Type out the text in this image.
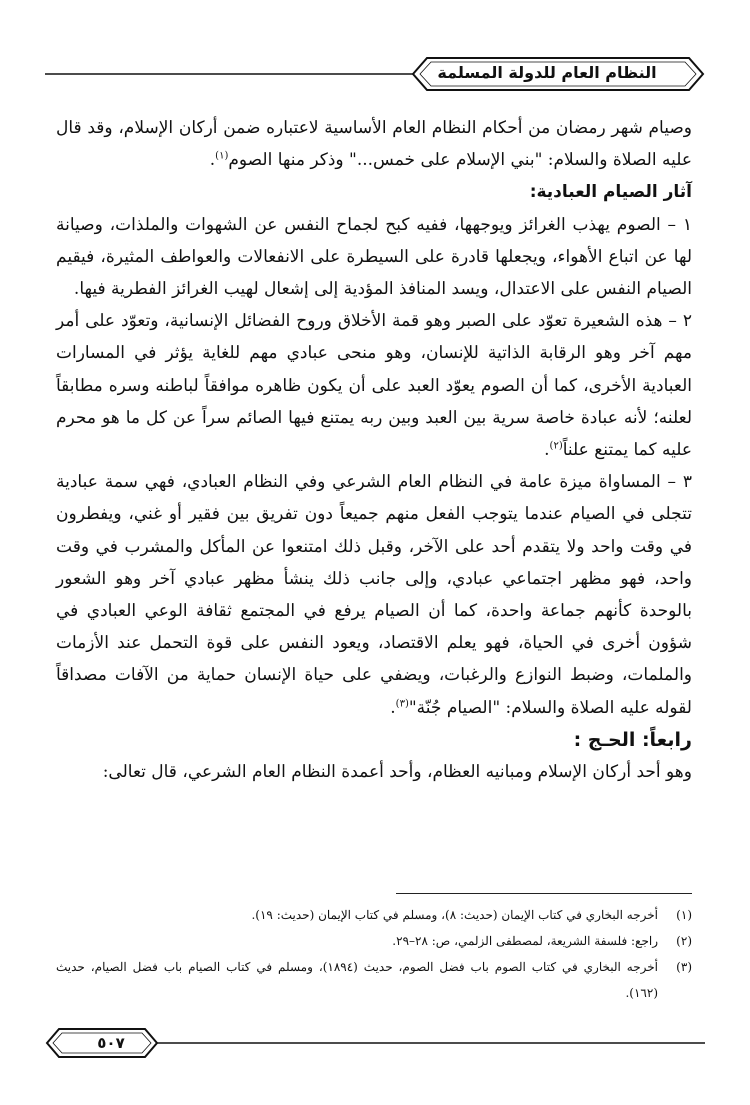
النظام العام للدولة المسلمة

وصيام شهر رمضان من أحكام النظام العام الأساسية لاعتباره ضمن أركان الإسلام، وقد قال عليه الصلاة والسلام: "بني الإسلام على خمس..." وذكر منها الصوم$^{(١)}$.

آثار الصيام العبادية:

١ – الصوم يهذب الغرائز ويوجهها، ففيه كبح لجماح النفس عن الشهوات والملذات، وصيانة لها عن اتباع الأهواء، ويجعلها قادرة على السيطرة على الانفعالات والعواطف المثيرة، فيقيم الصيام النفس على الاعتدال، ويسد المنافذ المؤدية إلى إشعال لهيب الغرائز الفطرية فيها.

٢ – هذه الشعيرة تعوّد على الصبر وهو قمة الأخلاق وروح الفضائل الإنسانية، وتعوّد على أمر مهم آخر وهو الرقابة الذاتية للإنسان، وهو منحى عبادي مهم للغاية يؤثر في المسارات العبادية الأخرى، كما أن الصوم يعوّد العبد على أن يكون ظاهره موافقاً لباطنه وسره مطابقاً لعلنه؛ لأنه عبادة خاصة سرية بين العبد وبين ربه يمتنع فيها الصائم سراً عن كل ما هو محرم عليه كما يمتنع علناً$^{(٢)}$.

٣ – المساواة ميزة عامة في النظام العام الشرعي وفي النظام العبادي، فهي سمة عبادية تتجلى في الصيام عندما يتوجب الفعل منهم جميعاً دون تفريق بين فقير أو غني، ويفطرون في وقت واحد ولا يتقدم أحد على الآخر، وقبل ذلك امتنعوا عن المأكل والمشرب في وقت واحد، فهو مظهر اجتماعي عبادي، وإلى جانب ذلك ينشأ مظهر عبادي آخر وهو الشعور بالوحدة كأنهم جماعة واحدة، كما أن الصيام يرفع في المجتمع ثقافة الوعي العبادي في شؤون أخرى في الحياة، فهو يعلم الاقتصاد، ويعود النفس على قوة التحمل عند الأزمات والملمات، وضبط النوازع والرغبات، ويضفي على حياة الإنسان حماية من الآفات مصداقاً لقوله عليه الصلاة والسلام: "الصيام جُنّة"$^{(٣)}$.

رابعاً: الحـج :

وهو أحد أركان الإسلام ومبانيه العظام، وأحد أعمدة النظام العام الشرعي، قال تعالى:

(١)
أخرجه البخاري في كتاب الإيمان (حديث: ٨)، ومسلم في كتاب الإيمان (حديث: ١٩).
(٢)
راجع: فلسفة الشريعة، لمصطفى الزلمي، ص: ٢٨–٢٩.
(٣)
أخرجه البخاري في كتاب الصوم باب فضل الصوم، حديث (١٨٩٤)، ومسلم في كتاب الصيام باب فضل الصيام، حديث (١٦٢).
٥٠٧
